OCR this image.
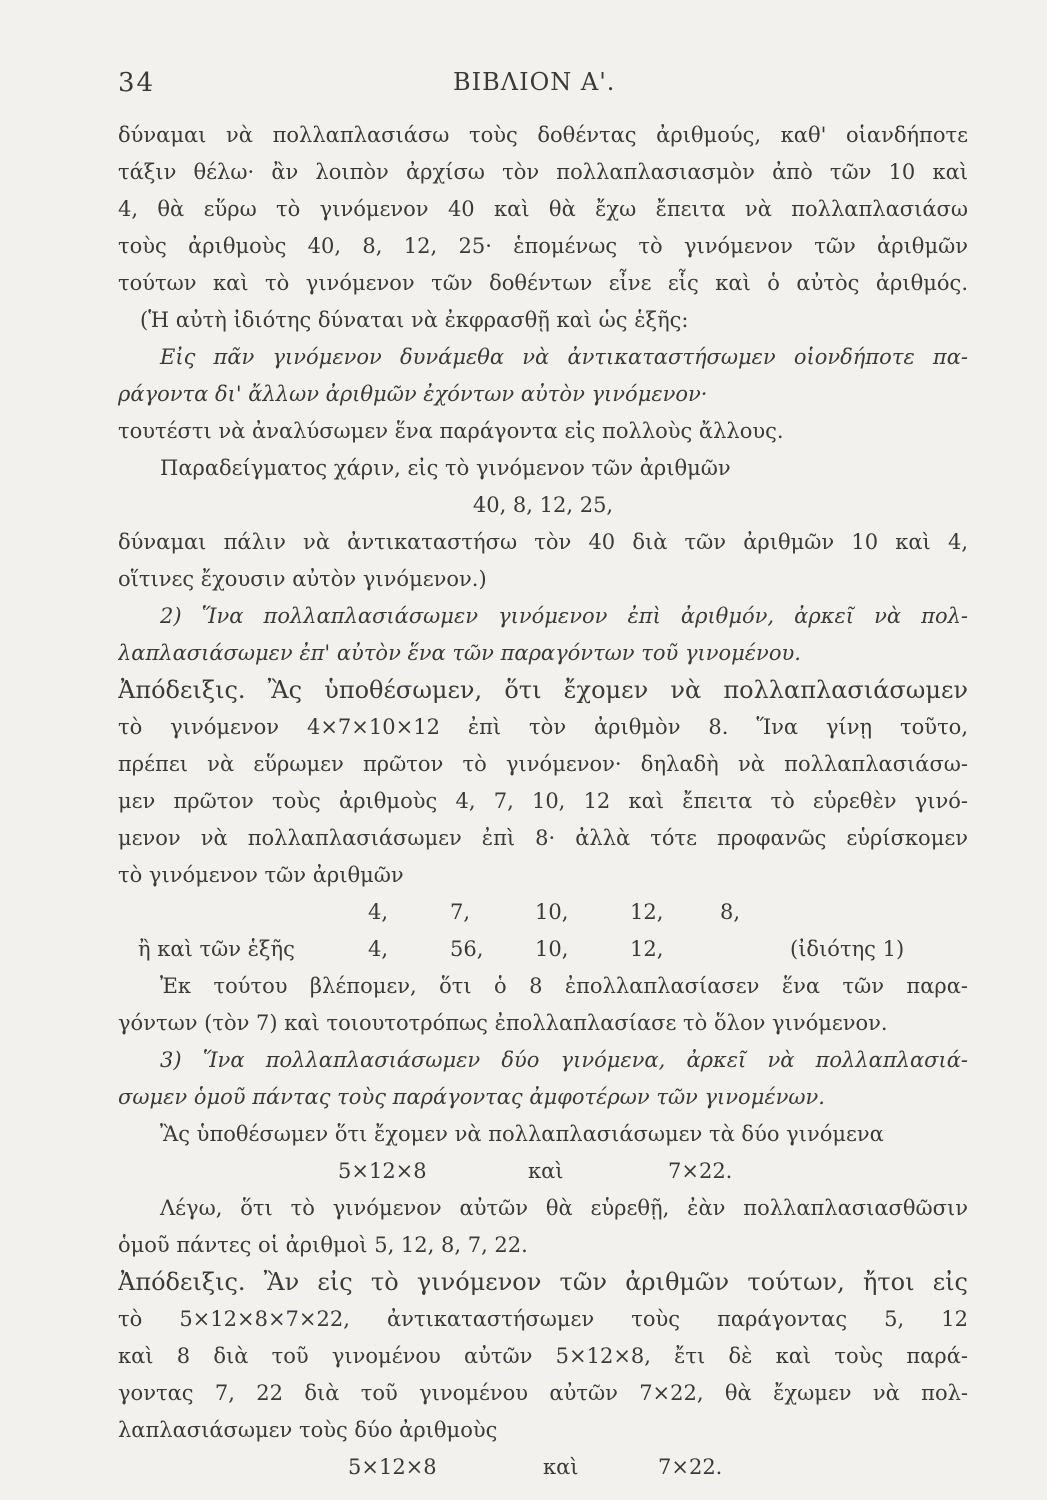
34	ΒΙΒΛΙΟΝ Α'.
δύναμαι νὰ πολλαπλασιάσω τοὺς δοθέντας ἀριθμούς, καθ' οἱανδήποτε
τάξιν θέλω· ἂν λοιπὸν ἀρχίσω τὸν πολλαπλασιασμὸν ἀπὸ τῶν 10 καὶ
4, θὰ εὕρω τὸ γινόμενον 40 καὶ θὰ ἔχω ἔπειτα νὰ πολλαπλασιάσω
τοὺς ἀριθμοὺς 40, 8, 12, 25· ἑπομένως τὸ γινόμενον τῶν ἀριθμῶν
τούτων καὶ τὸ γινόμενον τῶν δοθέντων εἶνε εἷς καὶ ὁ αὐτὸς ἀριθμός.
(Ἡ αὐτὴ ἰδιότης δύναται νὰ ἐκφρασθῇ καὶ ὡς ἑξῆς:
Εἰς πᾶν γινόμενον δυνάμεθα νὰ ἀντικαταστήσωμεν οἱονδήποτε πα-
ράγοντα δι' ἄλλων ἀριθμῶν ἐχόντων αὐτὸν γινόμενον·
τουτέστι νὰ ἀναλύσωμεν ἕνα παράγοντα εἰς πολλοὺς ἄλλους.
Παραδείγματος χάριν, εἰς τὸ γινόμενον τῶν ἀριθμῶν
40, 8, 12, 25,
δύναμαι πάλιν νὰ ἀντικαταστήσω τὸν 40 διὰ τῶν ἀριθμῶν 10 καὶ 4,
οἵτινες ἔχουσιν αὐτὸν γινόμενον.)
2) Ἵνα πολλαπλασιάσωμεν γινόμενον ἐπὶ ἀριθμόν, ἀρκεῖ νὰ πολ-
λαπλασιάσωμεν ἐπ' αὐτὸν ἕνα τῶν παραγόντων τοῦ γινομένου.
Ἀπόδειξις. Ἂς ὑποθέσωμεν, ὅτι ἔχομεν νὰ πολλαπλασιάσωμεν
τὸ γινόμενον 4×7×10×12 ἐπὶ τὸν ἀριθμὸν 8. Ἵνα γίνῃ τοῦτο,
πρέπει νὰ εὕρωμεν πρῶτον τὸ γινόμενον· δηλαδὴ νὰ πολλαπλασιάσω-
μεν πρῶτον τοὺς ἀριθμοὺς 4, 7, 10, 12 καὶ ἔπειτα τὸ εὑρεθὲν γινό-
μενον νὰ πολλαπλασιάσωμεν ἐπὶ 8· ἀλλὰ τότε προφανῶς εὑρίσκομεν
τὸ γινόμενον τῶν ἀριθμῶν
4,	7,	10,	12,	8,
ἢ καὶ τῶν ἑξῆς	4,	56,	10,	12,	(ἰδιότης 1)
Ἐκ τούτου βλέπομεν, ὅτι ὁ 8 ἐπολλαπλασίασεν ἕνα τῶν παρα-
γόντων (τὸν 7) καὶ τοιουτοτρόπως ἐπολλαπλασίασε τὸ ὅλον γινόμενον.
3) Ἵνα πολλαπλασιάσωμεν δύο γινόμενα, ἀρκεῖ νὰ πολλαπλασιά-
σωμεν ὁμοῦ πάντας τοὺς παράγοντας ἀμφοτέρων τῶν γινομένων.
Ἂς ὑποθέσωμεν ὅτι ἔχομεν νὰ πολλαπλασιάσωμεν τὰ δύο γινόμενα
5×12×8	καὶ	7×22.
Λέγω, ὅτι τὸ γινόμενον αὐτῶν θὰ εὑρεθῇ, ἐὰν πολλαπλασιασθῶσιν
ὁμοῦ πάντες οἱ ἀριθμοὶ 5, 12, 8, 7, 22.
Ἀπόδειξις. Ἂν εἰς τὸ γινόμενον τῶν ἀριθμῶν τούτων, ἤτοι εἰς
τὸ 5×12×8×7×22, ἀντικαταστήσωμεν τοὺς παράγοντας 5, 12
καὶ 8 διὰ τοῦ γινομένου αὐτῶν 5×12×8, ἔτι δὲ καὶ τοὺς παρά-
γοντας 7, 22 διὰ τοῦ γινομένου αὐτῶν 7×22, θὰ ἔχωμεν νὰ πολ-
λαπλασιάσωμεν τοὺς δύο ἀριθμοὺς
5×12×8	καὶ	7×22.
